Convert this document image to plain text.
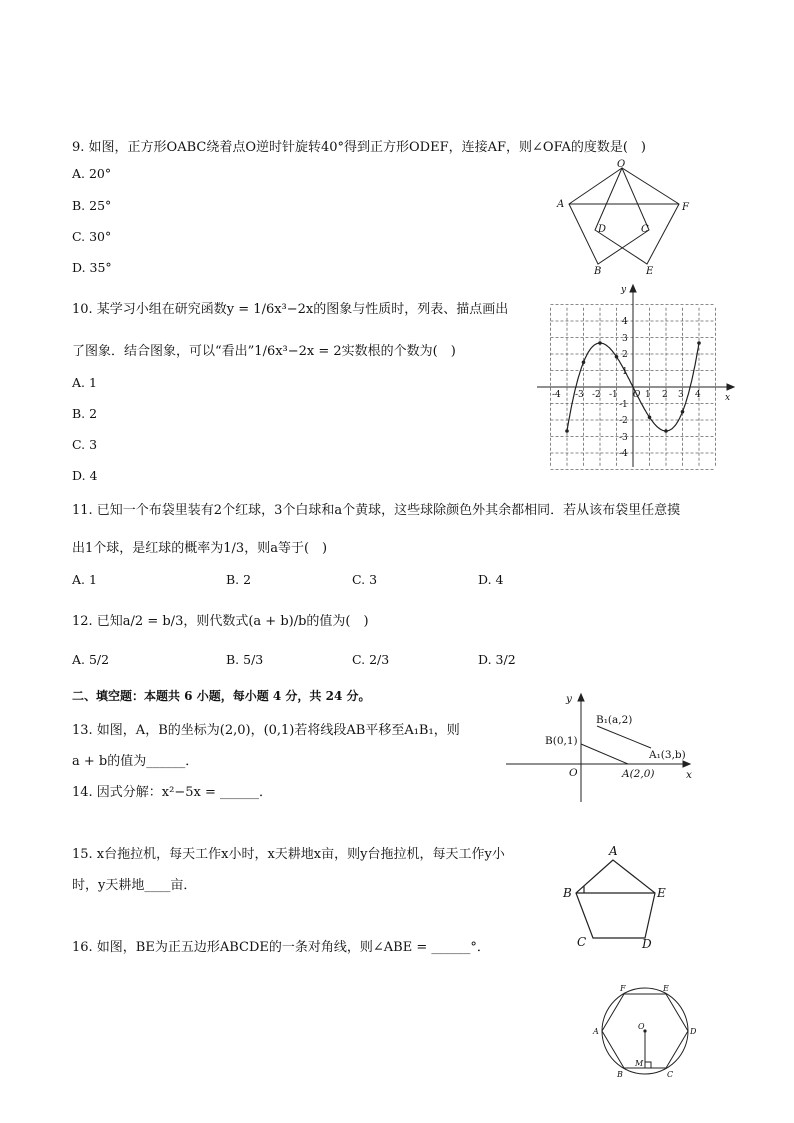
9. 如图，正方形OABC绕着点O逆时针旋转40°得到正方形ODEF，连接AF，则∠OFA的度数是(　)
A. 20°
B. 25°
C. 30°
D. 35°
O
A	F
D	C
B	E
10. 某学习小组在研究函数y = 1/6x³−2x的图象与性质时，列表、描点画出
了图象．结合图象，可以“看出”1/6x³−2x = 2实数根的个数为(　)
A. 1
B. 2
C. 3
D. 4
x
y
O
-4 -3 -2 -1	1 2 3 4
4
3
2
1
-1
-2
-3
-4
11. 已知一个布袋里装有2个红球，3个白球和a个黄球，这些球除颜色外其余都相同．若从该布袋里任意摸
出1个球，是红球的概率为1/3，则a等于(　)
A. 1	B. 2	C. 3	D. 4
12. 已知a/2 = b/3，则代数式(a + b)/b的值为(　)
A. 5/2	B. 5/3	C. 2/3	D. 3/2
二、填空题：本题共 6 小题，每小题 4 分，共 24 分。
13. 如图，A，B的坐标为(2,0)，(0,1)若将线段AB平移至A₁B₁，则
a + b的值为______．
y
x
O
B(0,1)
A(2,0)
B₁(a,2)
A₁(3,b)
14. 因式分解：x²−5x = ______．
15. x台拖拉机，每天工作x小时，x天耕地x亩，则y台拖拉机，每天工作y小
时，y天耕地____亩．
A
B	E
C	D
16. 如图，BE为正五边形ABCDE的一条对角线，则∠ABE = ______°．
F	E
A	D
B	C
O
M
